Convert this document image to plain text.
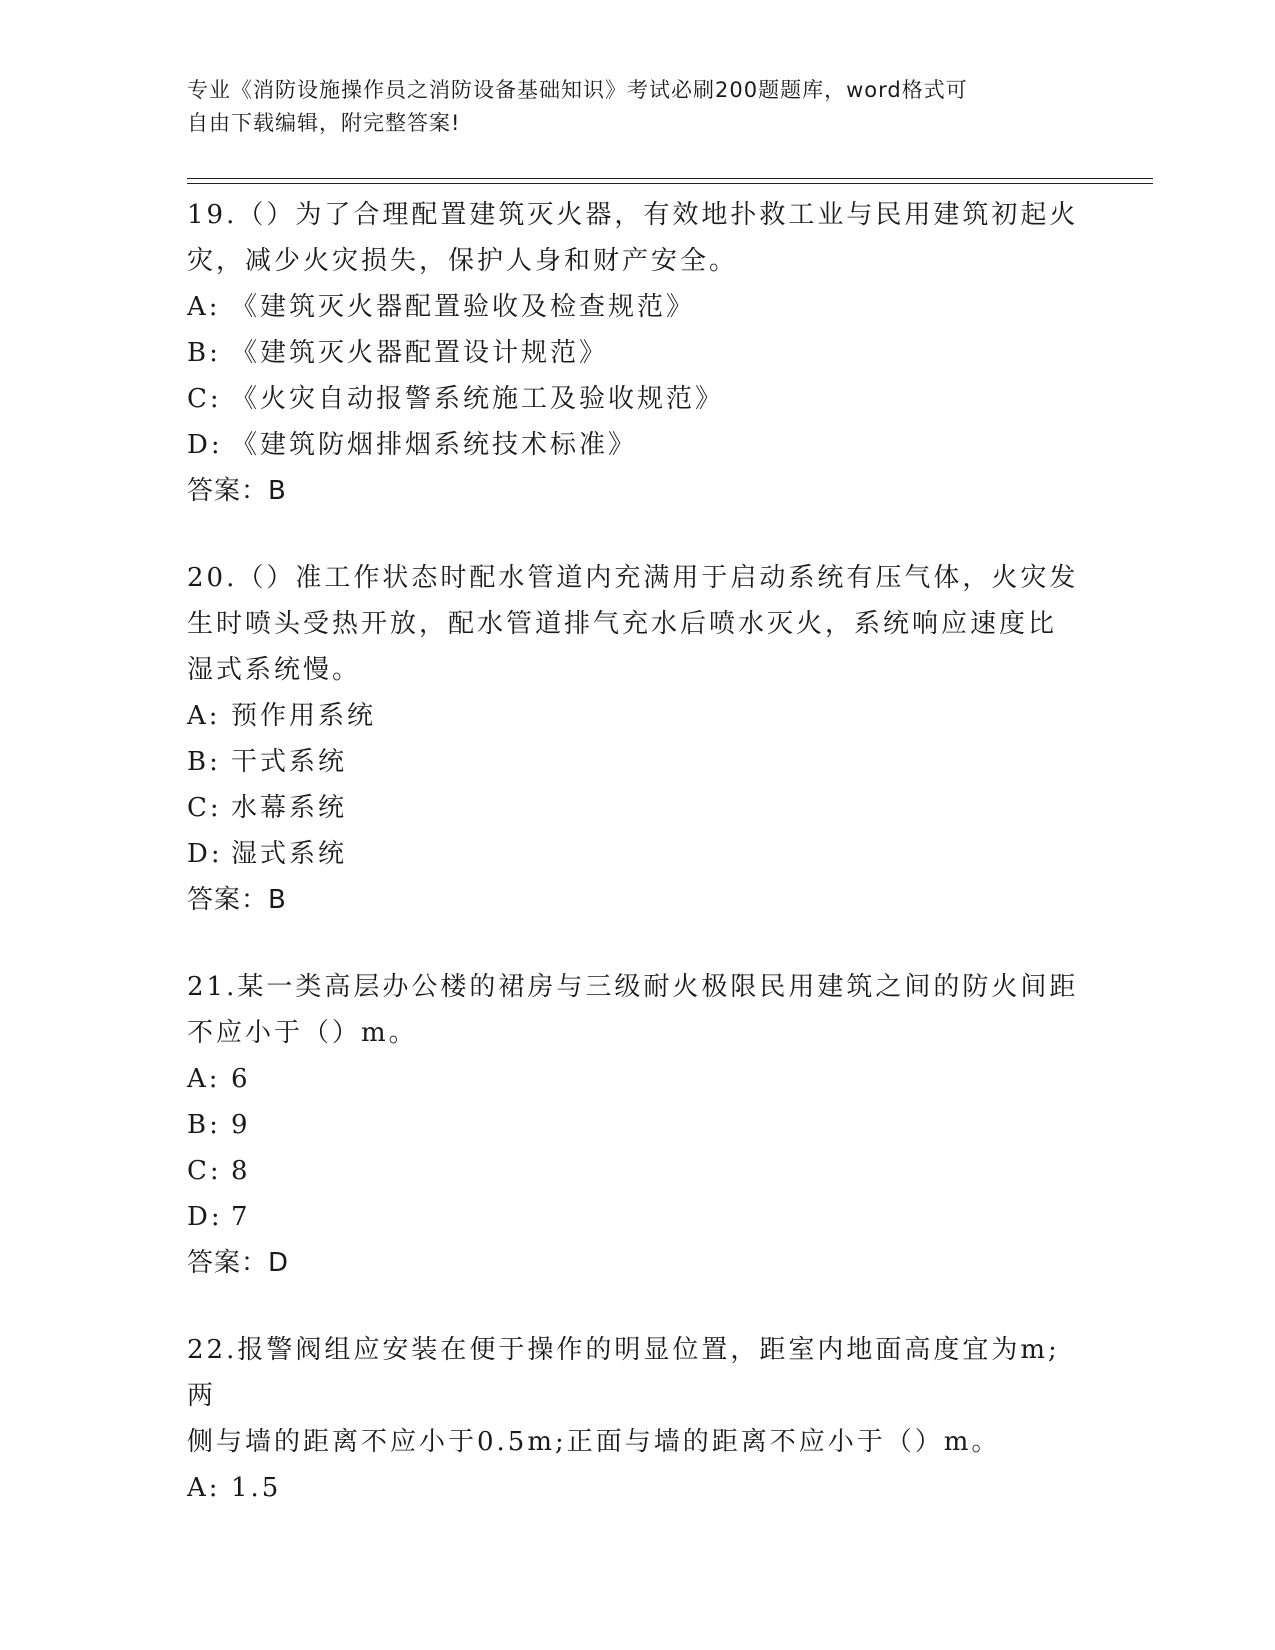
专业《消防设施操作员之消防设备基础知识》考试必刷200题题库，word格式可
自由下载编辑，附完整答案!
19.（）为了合理配置建筑灭火器，有效地扑救工业与民用建筑初起火
灾，减少火灾损失，保护人身和财产安全。
A: 《建筑灭火器配置验收及检查规范》
B: 《建筑灭火器配置设计规范》
C: 《火灾自动报警系统施工及验收规范》
D: 《建筑防烟排烟系统技术标准》
答案：B
20.（）准工作状态时配水管道内充满用于启动系统有压气体，火灾发
生时喷头受热开放，配水管道排气充水后喷水灭火，系统响应速度比
湿式系统慢。
A: 预作用系统
B: 干式系统
C: 水幕系统
D: 湿式系统
答案：B
21.某一类高层办公楼的裙房与三级耐火极限民用建筑之间的防火间距
不应小于（）m。
A: 6
B: 9
C: 8
D: 7
答案：D
22.报警阀组应安装在便于操作的明显位置，距室内地面高度宜为m;两
侧与墙的距离不应小于0.5m;正面与墙的距离不应小于（）m。
A: 1.5
